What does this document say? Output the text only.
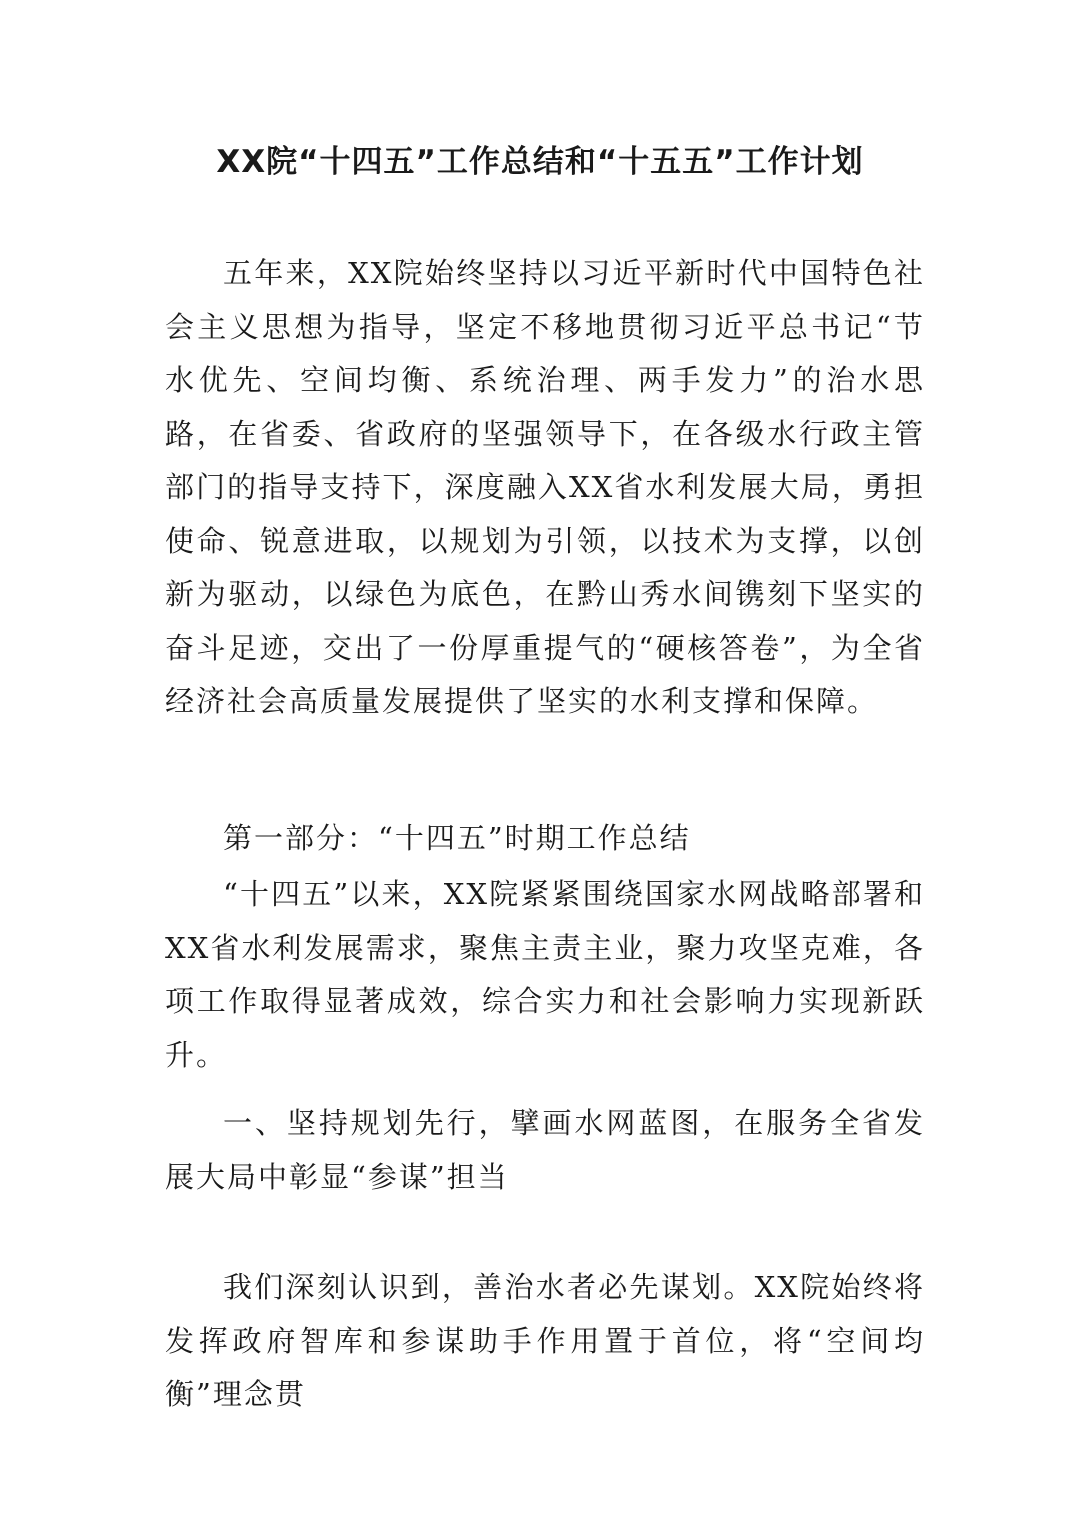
XX院“十四五”工作总结和“十五五”工作计划

五年来，XX院始终坚持以习近平新时代中国特色社会主义思想为指导，坚定不移地贯彻习近平总书记“节水优先、空间均衡、系统治理、两手发力”的治水思路，在省委、省政府的坚强领导下，在各级水行政主管部门的指导支持下，深度融入XX省水利发展大局，勇担使命、锐意进取，以规划为引领，以技术为支撑，以创新为驱动，以绿色为底色，在黔山秀水间镌刻下坚实的奋斗足迹，交出了一份厚重提气的“硬核答卷”，为全省经济社会高质量发展提供了坚实的水利支撑和保障。

第一部分：“十四五”时期工作总结

“十四五”以来，XX院紧紧围绕国家水网战略部署和XX省水利发展需求，聚焦主责主业，聚力攻坚克难，各项工作取得显著成效，综合实力和社会影响力实现新跃升。

一、坚持规划先行，擘画水网蓝图，在服务全省发展大局中彰显“参谋”担当

我们深刻认识到，善治水者必先谋划。XX院始终将发挥政府智库和参谋助手作用置于首位，将“空间均衡”理念贯
